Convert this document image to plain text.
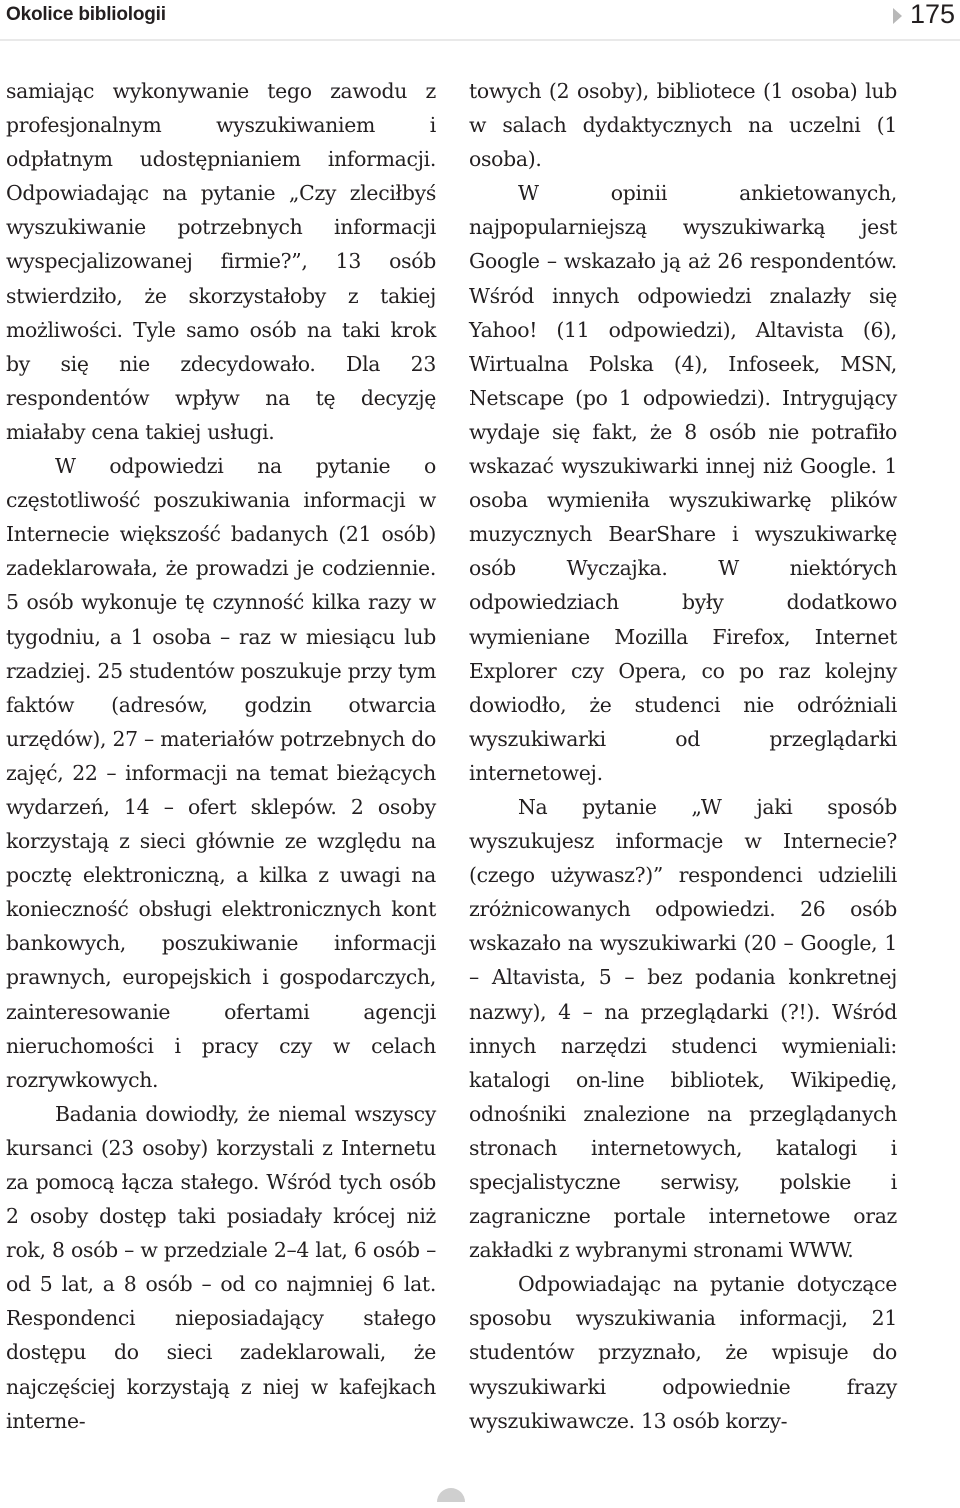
Okolice bibliologii	175

samiając wykonywanie tego zawodu z profesjonalnym wyszukiwaniem i odpłatnym udostępnianiem informacji. Odpowiadając na pytanie „Czy zleciłbyś wyszukiwanie potrzebnych informacji wyspecjalizowanej firmie?”, 13 osób stwierdziło, że skorzystałoby z takiej możliwości. Tyle samo osób na taki krok by się nie zdecydowało. Dla 23 respondentów wpływ na tę decyzję miałaby cena takiej usługi.

W odpowiedzi na pytanie o częstotliwość poszukiwania informacji w Internecie większość badanych (21 osób) zadeklarowała, że prowadzi je codziennie. 5 osób wykonuje tę czynność kilka razy w tygodniu, a 1 osoba – raz w miesiącu lub rzadziej. 25 studentów poszukuje przy tym faktów (adresów, godzin otwarcia urzędów), 27 – materiałów potrzebnych do zajęć, 22 – informacji na temat bieżących wydarzeń, 14 – ofert sklepów. 2 osoby korzystają z sieci głównie ze względu na pocztę elektroniczną, a kilka z uwagi na konieczność obsługi elektronicznych kont bankowych, poszukiwanie informacji prawnych, europejskich i gospodarczych, zainteresowanie ofertami agencji nieruchomości i pracy czy w celach rozrywkowych.

Badania dowiodły, że niemal wszyscy kursanci (23 osoby) korzystali z Internetu za pomocą łącza stałego. Wśród tych osób 2 osoby dostęp taki posiadały krócej niż rok, 8 osób – w przedziale 2–4 lat, 6 osób – od 5 lat, a 8 osób – od co najmniej 6 lat. Respondenci nieposiadający stałego dostępu do sieci zadeklarowali, że najczęściej korzystają z niej w kafejkach interne-

towych (2 osoby), bibliotece (1 osoba) lub w salach dydaktycznych na uczelni (1 osoba).

W opinii ankietowanych, najpopularniejszą wyszukiwarką jest Google – wskazało ją aż 26 respondentów. Wśród innych odpowiedzi znalazły się Yahoo! (11 odpowiedzi), Altavista (6), Wirtualna Polska (4), Infoseek, MSN, Netscape (po 1 odpowiedzi). Intrygujący wydaje się fakt, że 8 osób nie potrafiło wskazać wyszukiwarki innej niż Google. 1 osoba wymieniła wyszukiwarkę plików muzycznych BearShare i wyszukiwarkę osób Wyczajka. W niektórych odpowiedziach były dodatkowo wymieniane Mozilla Firefox, Internet Explorer czy Opera, co po raz kolejny dowiodło, że studenci nie odróżniali wyszukiwarki od przeglądarki internetowej.

Na pytanie „W jaki sposób wyszukujesz informacje w Internecie? (czego używasz?)” respondenci udzielili zróżnicowanych odpowiedzi. 26 osób wskazało na wyszukiwarki (20 – Google, 1 – Altavista, 5 – bez podania konkretnej nazwy), 4 – na przeglądarki (?!). Wśród innych narzędzi studenci wymieniali: katalogi on-line bibliotek, Wikipedię, odnośniki znalezione na przeglądanych stronach internetowych, katalogi i specjalistyczne serwisy, polskie i zagraniczne portale internetowe oraz zakładki z wybranymi stronami WWW.

Odpowiadając na pytanie dotyczące sposobu wyszukiwania informacji, 21 studentów przyznało, że wpisuje do wyszukiwarki odpowiednie frazy wyszukiwawcze. 13 osób korzy-
